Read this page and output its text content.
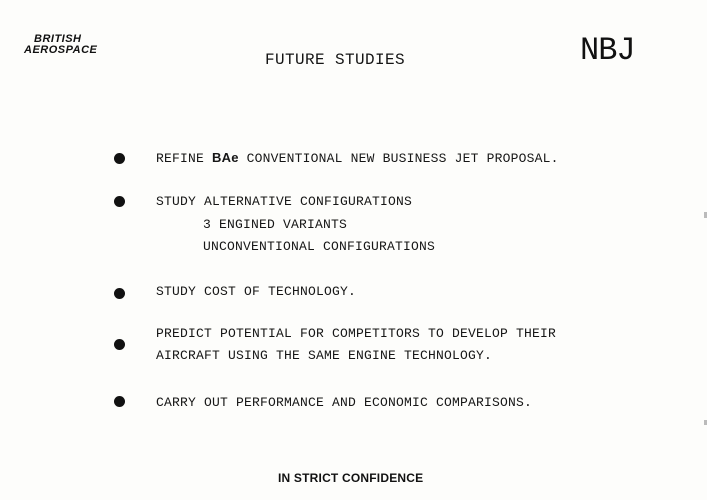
BRITISH
AEROSPACE
FUTURE STUDIES	NBJ
REFINE BAe CONVENTIONAL NEW BUSINESS JET PROPOSAL.
STUDY ALTERNATIVE CONFIGURATIONS
3 ENGINED VARIANTS
UNCONVENTIONAL CONFIGURATIONS
STUDY COST OF TECHNOLOGY.
PREDICT POTENTIAL FOR COMPETITORS TO DEVELOP THEIR
AIRCRAFT USING THE SAME ENGINE TECHNOLOGY.
CARRY OUT PERFORMANCE AND ECONOMIC COMPARISONS.
IN STRICT CONFIDENCE
